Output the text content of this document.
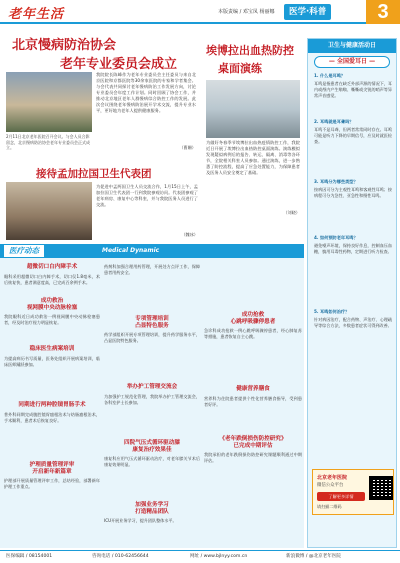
老年生活	本版责编 / 邓宝凤 杨丽娜	医学·科普	3
北京慢病防治协会
老年专业委员会成立
2月11日北京老年医院召开会议。与会人员合影留念，北京慢病防治协会老年专业委员会正式成立。
我院院长陈峰作为老年专业委员会主任委员与来自北京医院和京都医院等30余家医院的专家和学者集会。与会代表共同探讨老年慢病防治工作发展方向，讨论专业委员会年度工作计划。同时回顾了协会工作，并推动北京地区老年人群慢病综合防控工作的发展。此次会议围绕老年慢病防治展开学术交流，提升专业水平，更好地为老年人提供健康服务。
（曹姗）
埃博拉出血热防控
桌面演练
为做好冬春季节埃博拉出血热疫情防控工作，我院近日开展了埃博拉出血热防控桌面演练。演练模拟发现疑似病例后的报告、转运、隔离、消毒等各环节，全院相关科室人员参加。通过演练，进一步熟悉了防控流程，提高了应急处置能力，为保障患者及医务人员安全奠定了基础。
（刘晓）
接待孟加拉国卫生代表团
为促进中孟两国卫生人员交流合作，1月15日上午，孟加拉国卫生代表团一行到我院参观访问。代表团参观了老年病房、康复中心等科室，并与我院医务人员进行了交流。
（魏冰）
医疗动态	Medical Dynamic
超微切口白内障手术
眼科采用超微切口白内障手术，切口仅1.8毫米，术后恢复快，患者满意度高，已完成百余例手术。
成功救治
视网膜中央动脉栓塞
我院眼科近日成功救治一例视网膜中央动脉栓塞患者，经及时治疗视力明显恢复。
稳床医生病案培训
为提高病历书写质量，医务处组织开展病案培训，临床医师踊跃参加。
同期进行两种腔镜胃肠手术
普外科同期完成腹腔镜胃癌根治术与结肠癌根治术，手术顺利，患者术后恢复良好。
护理质量管理评审
开启新年新篇章
护理部开展质量管理评审工作，总结经验，部署新年护理工作重点。
专项管理培训
凸显特色服务
药学部组织开展专项管理培训，提升药学服务水平，凸显医院特色服务。
举办护工管理交流会
为加强护工规范化管理，我院举办护工管理交流会，各科室护士长参加。
四院气压式循环驱动膝
康复治疗效果佳
康复科应用气压式循环驱动治疗，对老年膝关节术后康复效果明显。
加强业务学习
打造精品团队
ICU开展业务学习，提升团队整体水平。
药剂科加强合理用药管理，开展处方点评工作，保障患者用药安全。
成功抢救
心跳呼吸骤停患者
急诊科成功抢救一例心跳呼吸骤停患者，经心肺复苏等措施，患者恢复自主心跳。
健康营养膳食
营养科为住院患者提供个性化营养膳食指导，受到患者好评。
《老年跌倒损伤防控研究》
已完成中期评估
我院承担的老年跌倒损伤防控研究课题顺利通过中期评估。
卫生与健康活动日
— 全国爱耳日 —
1. 什么是耳鸣？
耳鸣是指患者在缺乏外部声源的情况下，耳内或颅内产生嗡嗡、嘶嘶或尖锐的哨声等异常声音感觉。
2. 耳鸣就是耳聋吗？
耳鸣不是耳聋，但两者常常同时存在。耳鸣可能是听力下降的早期信号，应及时就医检查。
3. 耳鸣分为哪些类型？
按病因可分为主观性耳鸣和客观性耳鸣；按病程可分为急性、亚急性和慢性耳鸣。
4. 如何预防老年耳鸣？
避免噪声环境，保持良好作息，控制血压血糖，慎用耳毒性药物，定期进行听力检查。
5. 耳鸣如何治疗？
针对病因治疗，配合药物、声治疗、心理疏导等综合方法，多数患者症状可得到改善。
北京老年医院
微信公众平台
了解更多详情
请扫描二维码
医保编辑 / 08154001	咨询电话 / 010-62456644	网址 / www.bjlnyy.com.cn	新浪微博 / @北京老年医院
